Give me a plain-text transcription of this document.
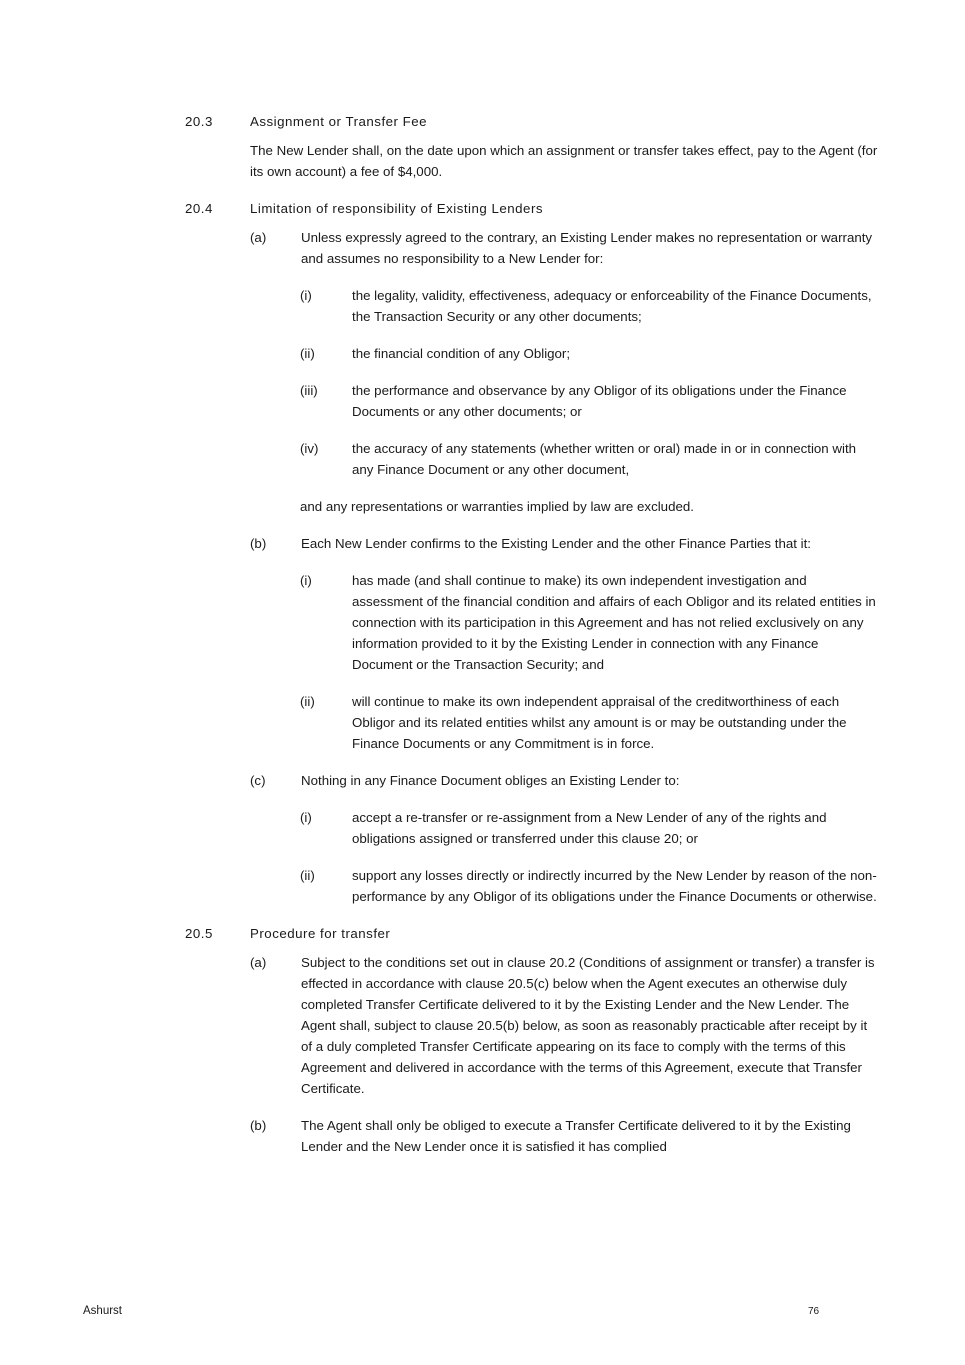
20.3	Assignment or Transfer Fee

The New Lender shall, on the date upon which an assignment or transfer takes effect, pay to the Agent (for its own account) a fee of $4,000.

20.4	Limitation of responsibility of Existing Lenders
(a)	Unless expressly agreed to the contrary, an Existing Lender makes no representation or warranty and assumes no responsibility to a New Lender for:
(i)	the legality, validity, effectiveness, adequacy or enforceability of the Finance Documents, the Transaction Security or any other documents;
(ii)	the financial condition of any Obligor;
(iii)	the performance and observance by any Obligor of its obligations under the Finance Documents or any other documents; or
(iv)	the accuracy of any statements (whether written or oral) made in or in connection with any Finance Document or any other document,

and any representations or warranties implied by law are excluded.

(b)	Each New Lender confirms to the Existing Lender and the other Finance Parties that it:
(i)	has made (and shall continue to make) its own independent investigation and assessment of the financial condition and affairs of each Obligor and its related entities in connection with its participation in this Agreement and has not relied exclusively on any information provided to it by the Existing Lender in connection with any Finance Document or the Transaction Security; and
(ii)	will continue to make its own independent appraisal of the creditworthiness of each Obligor and its related entities whilst any amount is or may be outstanding under the Finance Documents or any Commitment is in force.
(c)	Nothing in any Finance Document obliges an Existing Lender to:
(i)	accept a re-transfer or re-assignment from a New Lender of any of the rights and obligations assigned or transferred under this clause 20; or
(ii)	support any losses directly or indirectly incurred by the New Lender by reason of the non-performance by any Obligor of its obligations under the Finance Documents or otherwise.
20.5	Procedure for transfer
(a)	Subject to the conditions set out in clause 20.2 (Conditions of assignment or transfer) a transfer is effected in accordance with clause 20.5(c) below when the Agent executes an otherwise duly completed Transfer Certificate delivered to it by the Existing Lender and the New Lender. The Agent shall, subject to clause 20.5(b) below, as soon as reasonably practicable after receipt by it of a duly completed Transfer Certificate appearing on its face to comply with the terms of this Agreement and delivered in accordance with the terms of this Agreement, execute that Transfer Certificate.
(b)	The Agent shall only be obliged to execute a Transfer Certificate delivered to it by the Existing Lender and the New Lender once it is satisfied it has complied
Ashurst	76
